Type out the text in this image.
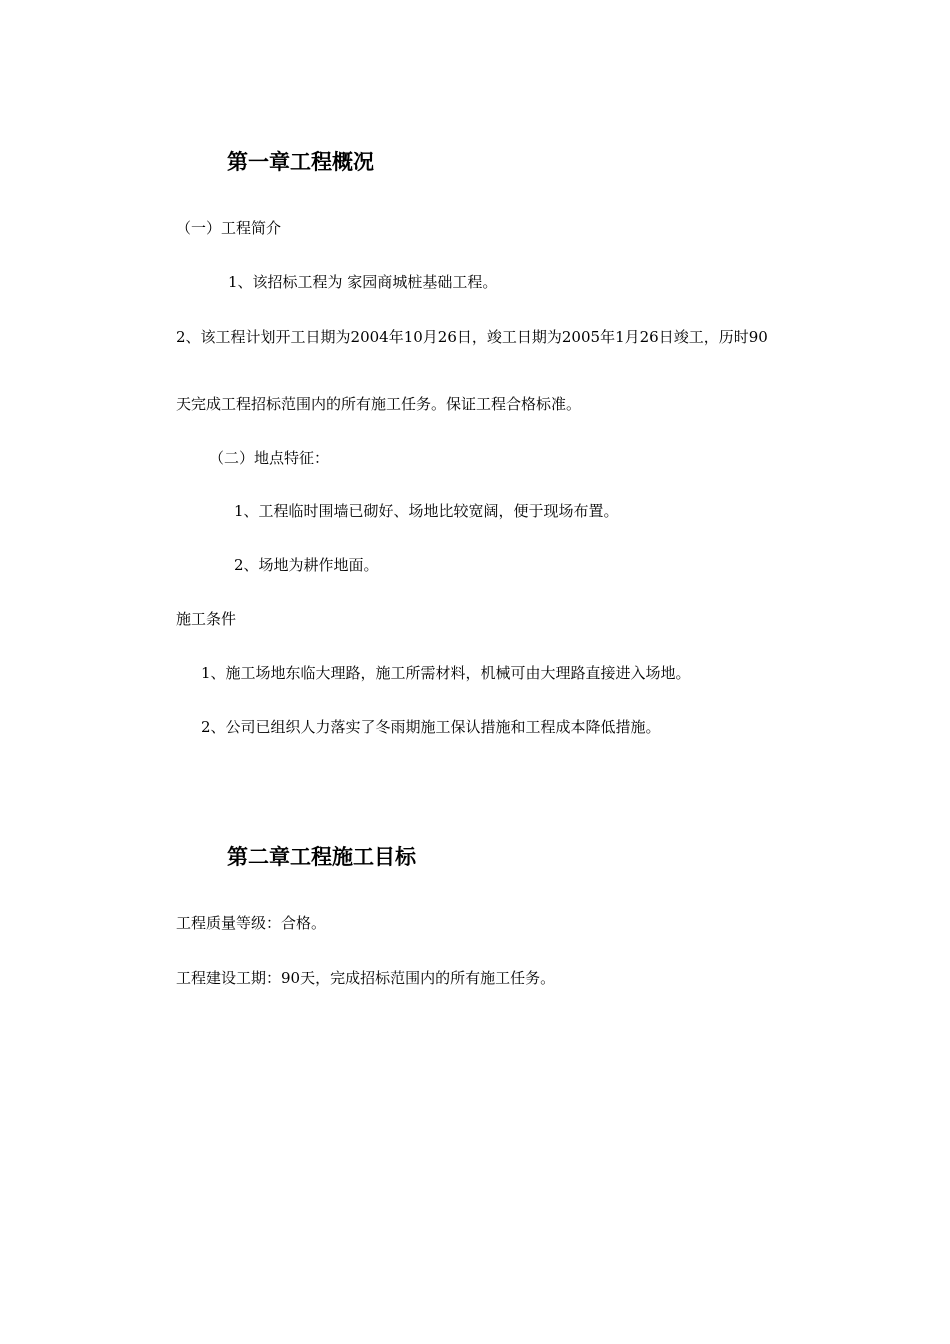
第一章工程概况
（一）工程简介
1、该招标工程为 家园商城桩基础工程。
2、该工程计划开工日期为2004年10月26日，竣工日期为2005年1月26日竣工，历时90
天完成工程招标范围内的所有施工任务。保证工程合格标准。
（二）地点特征：
1、工程临时围墙已砌好、场地比较宽阔，便于现场布置。
2、场地为耕作地面。
施工条件
1、施工场地东临大理路，施工所需材料，机械可由大理路直接进入场地。
2、公司已组织人力落实了冬雨期施工保认措施和工程成本降低措施。
第二章工程施工目标
工程质量等级：合格。
工程建设工期：90天，完成招标范围内的所有施工任务。
